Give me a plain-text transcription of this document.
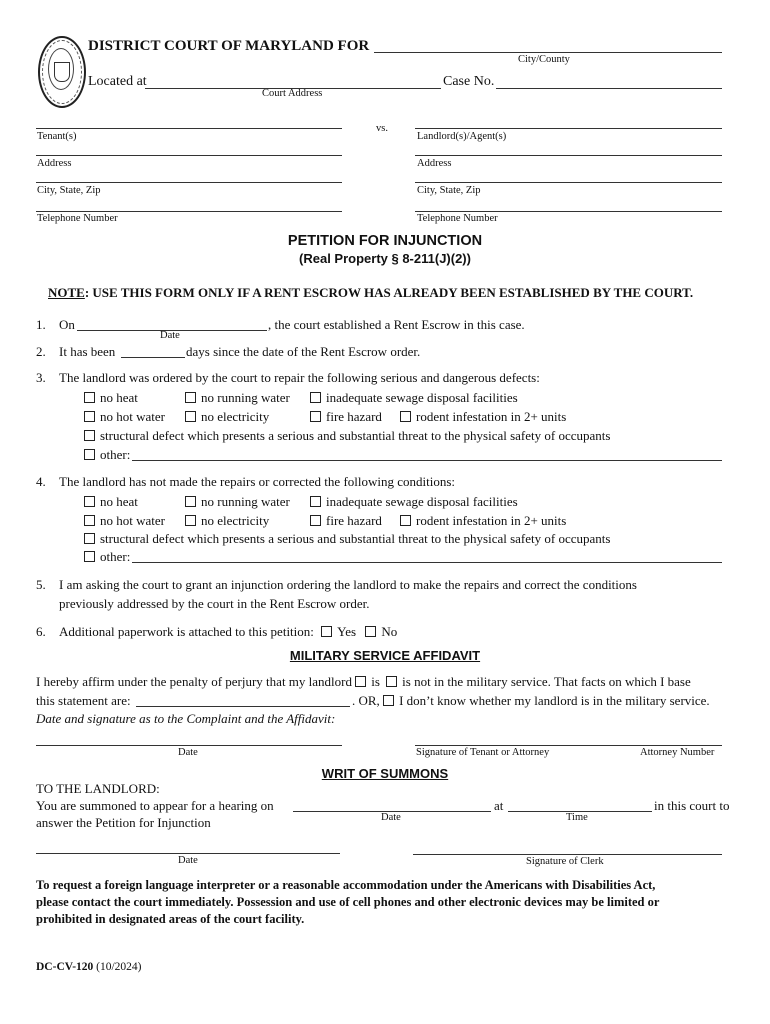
DISTRICT COURT OF MARYLAND FOR
City/County
Located at
Court Address
Case No.
vs.
Tenant(s)
Address
City, State, Zip
Telephone Number
Landlord(s)/Agent(s)
Address
City, State, Zip
Telephone Number
PETITION FOR INJUNCTION
(Real Property § 8-211(J)(2))
NOTE: USE THIS FORM ONLY IF A RENT ESCROW HAS ALREADY BEEN ESTABLISHED BY THE COURT.
1. On	, the court established a Rent Escrow in this case.
Date
2. It has been	days since the date of the Rent Escrow order.
3. The landlord was ordered by the court to repair the following serious and dangerous defects:
no heat	no running water	inadequate sewage disposal facilities
no hot water	no electricity	fire hazard	rodent infestation in 2+ units
structural defect which presents a serious and substantial threat to the physical safety of occupants
other:
4. The landlord has not made the repairs or corrected the following conditions:
no heat	no running water	inadequate sewage disposal facilities
no hot water	no electricity	fire hazard	rodent infestation in 2+ units
structural defect which presents a serious and substantial threat to the physical safety of occupants
other:
5. I am asking the court to grant an injunction ordering the landlord to make the repairs and correct the conditions
previously addressed by the court in the Rent Escrow order.
6. Additional paperwork is attached to this petition: Yes No
MILITARY SERVICE AFFIDAVIT
I hereby affirm under the penalty of perjury that my landlord is is not in the military service. That facts on which I base
this statement are:	. OR, I don’t know whether my landlord is in the military service.
Date and signature as to the Complaint and the Affidavit:
Date	Signature of Tenant or Attorney	Attorney Number
WRIT OF SUMMONS
TO THE LANDLORD:
You are summoned to appear for a hearing on
Date
at
Time
in this court to
answer the Petition for Injunction
Date	Signature of Clerk
To request a foreign language interpreter or a reasonable accommodation under the Americans with Disabilities Act,
please contact the court immediately. Possession and use of cell phones and other electronic devices may be limited or
prohibited in designated areas of the court facility.
DC-CV-120 (10/2024)
